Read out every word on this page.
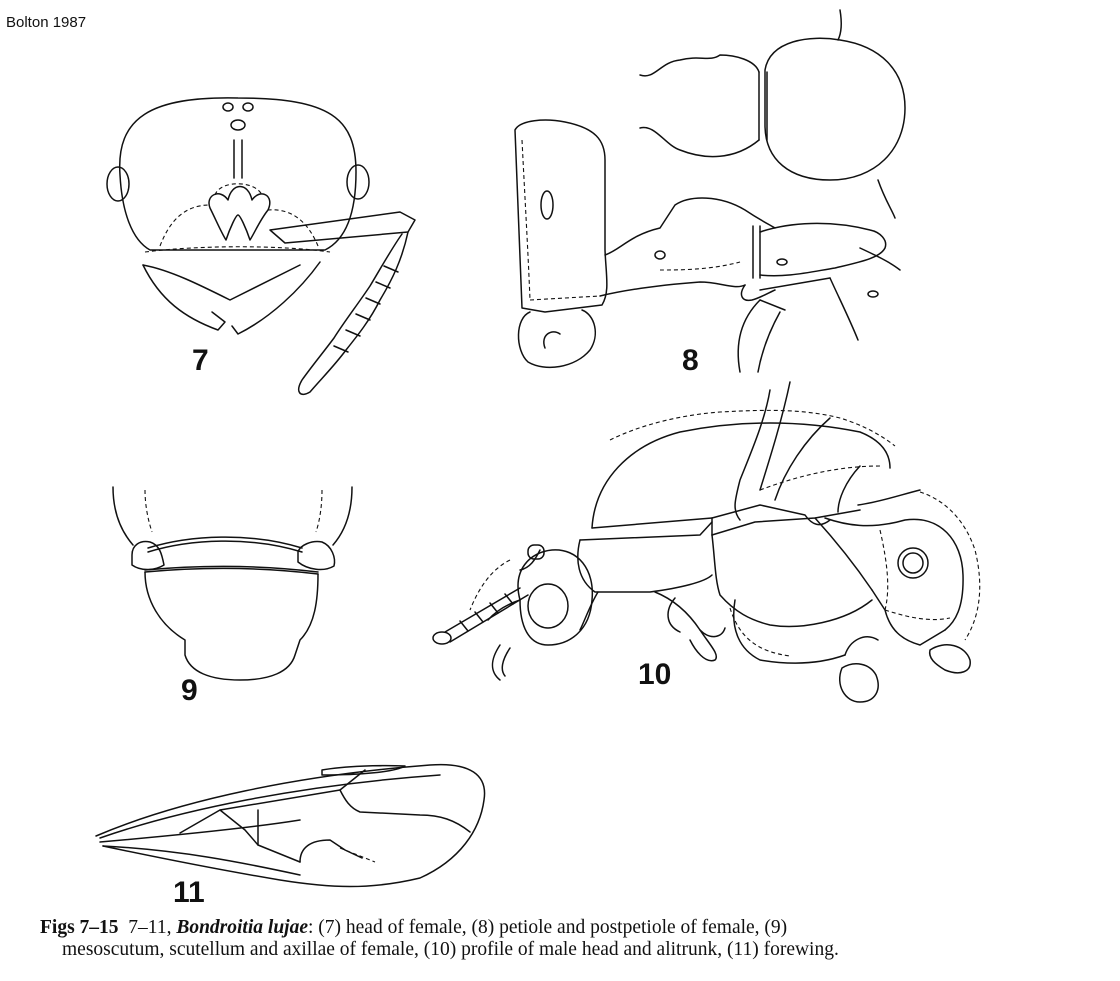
Bolton 1987
7	8
9	10
11
Figs 7–15 7–11, Bondroitia lujae: (7) head of female, (8) petiole and postpetiole of female, (9)
mesoscutum, scutellum and axillae of female, (10) profile of male head and alitrunk, (11) forewing.
